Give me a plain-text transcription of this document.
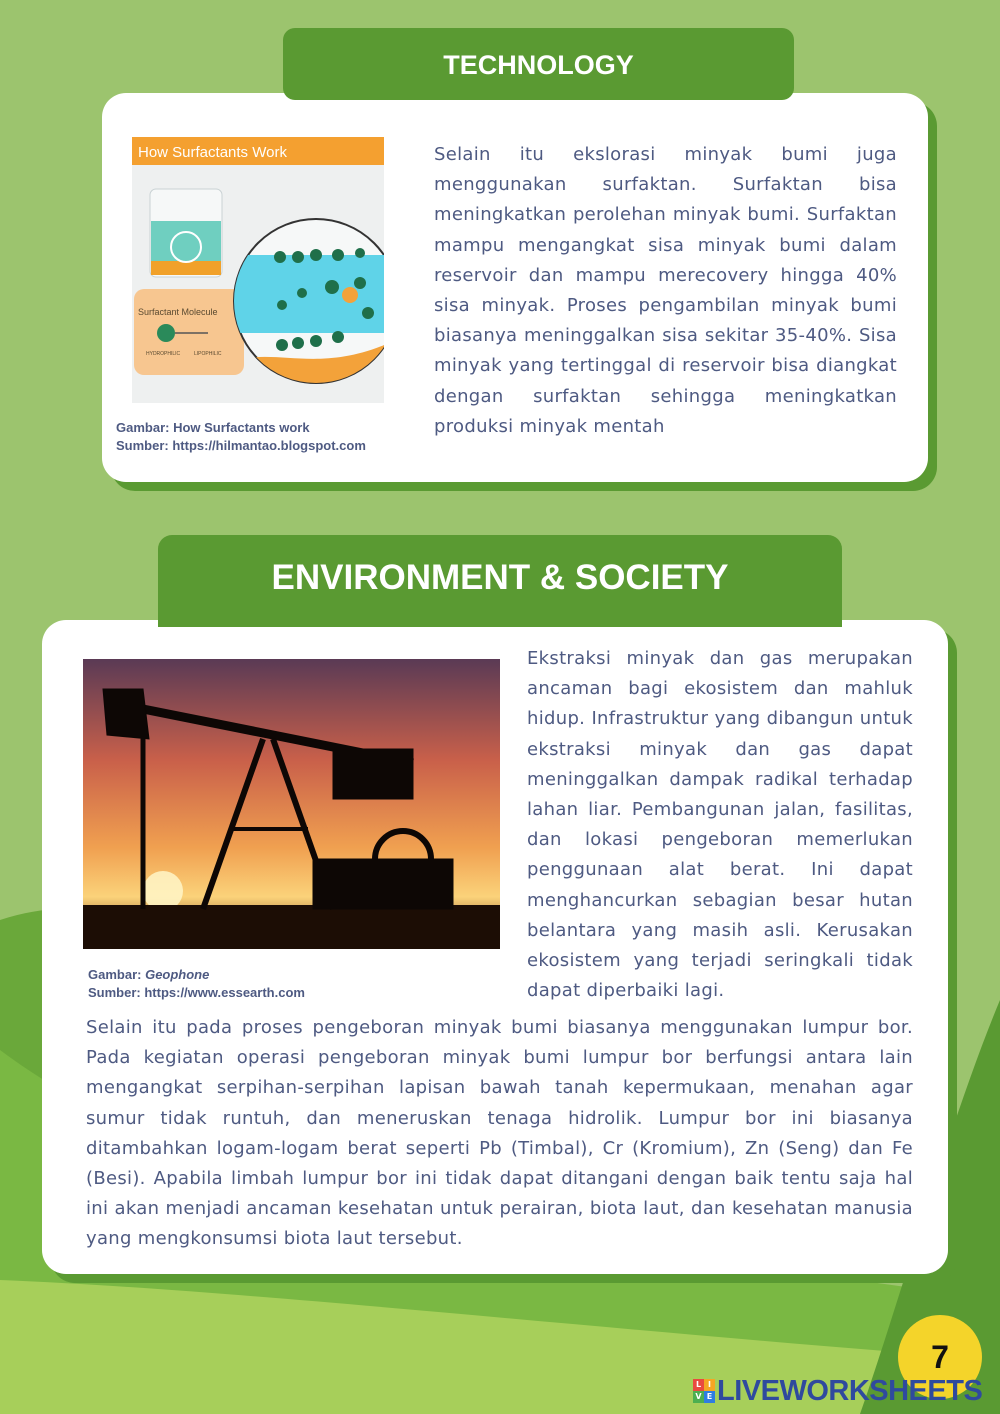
TECHNOLOGY
How Surfactants Work
Surfactant Molecule
HYDROPHILIC	LIPOPHILIC
Gambar: How Surfactants work
Sumber: https://hilmantao.blogspot.com

Selain itu ekslorasi minyak bumi juga menggunakan surfaktan. Surfaktan bisa meningkatkan perolehan minyak bumi. Surfaktan mampu mengangkat sisa minyak bumi dalam reservoir dan mampu merecovery hingga 40% sisa minyak. Proses pengambilan minyak bumi biasanya meninggalkan sisa sekitar 35-40%. Sisa minyak yang tertinggal di reservoir bisa diangkat dengan surfaktan sehingga meningkatkan produksi minyak mentah

ENVIRONMENT & SOCIETY
Gambar: Geophone
Sumber: https://www.essearth.com

Ekstraksi minyak dan gas merupakan ancaman bagi ekosistem dan mahluk hidup. Infrastruktur yang dibangun untuk ekstraksi minyak dan gas dapat meninggalkan dampak radikal terhadap lahan liar. Pembangunan jalan, fasilitas, dan lokasi pengeboran memerlukan penggunaan alat berat. Ini dapat menghancurkan sebagian besar hutan belantara yang masih asli. Kerusakan ekosistem yang terjadi seringkali tidak dapat diperbaiki lagi.

Selain itu pada proses pengeboran minyak bumi biasanya menggunakan lumpur bor. Pada kegiatan operasi pengeboran minyak bumi lumpur bor berfungsi antara lain mengangkat serpihan-serpihan lapisan bawah tanah kepermukaan, menahan agar sumur tidak runtuh, dan meneruskan tenaga hidrolik. Lumpur bor ini biasanya ditambahkan logam-logam berat seperti Pb (Timbal), Cr (Kromium), Zn (Seng) dan Fe (Besi). Apabila limbah lumpur bor ini tidak dapat ditangani dengan baik tentu saja hal ini akan menjadi ancaman kesehatan untuk perairan, biota laut, dan kesehatan manusia yang mengkonsumsi biota laut tersebut.

7
L I
V E LIVEWORKSHEETS
